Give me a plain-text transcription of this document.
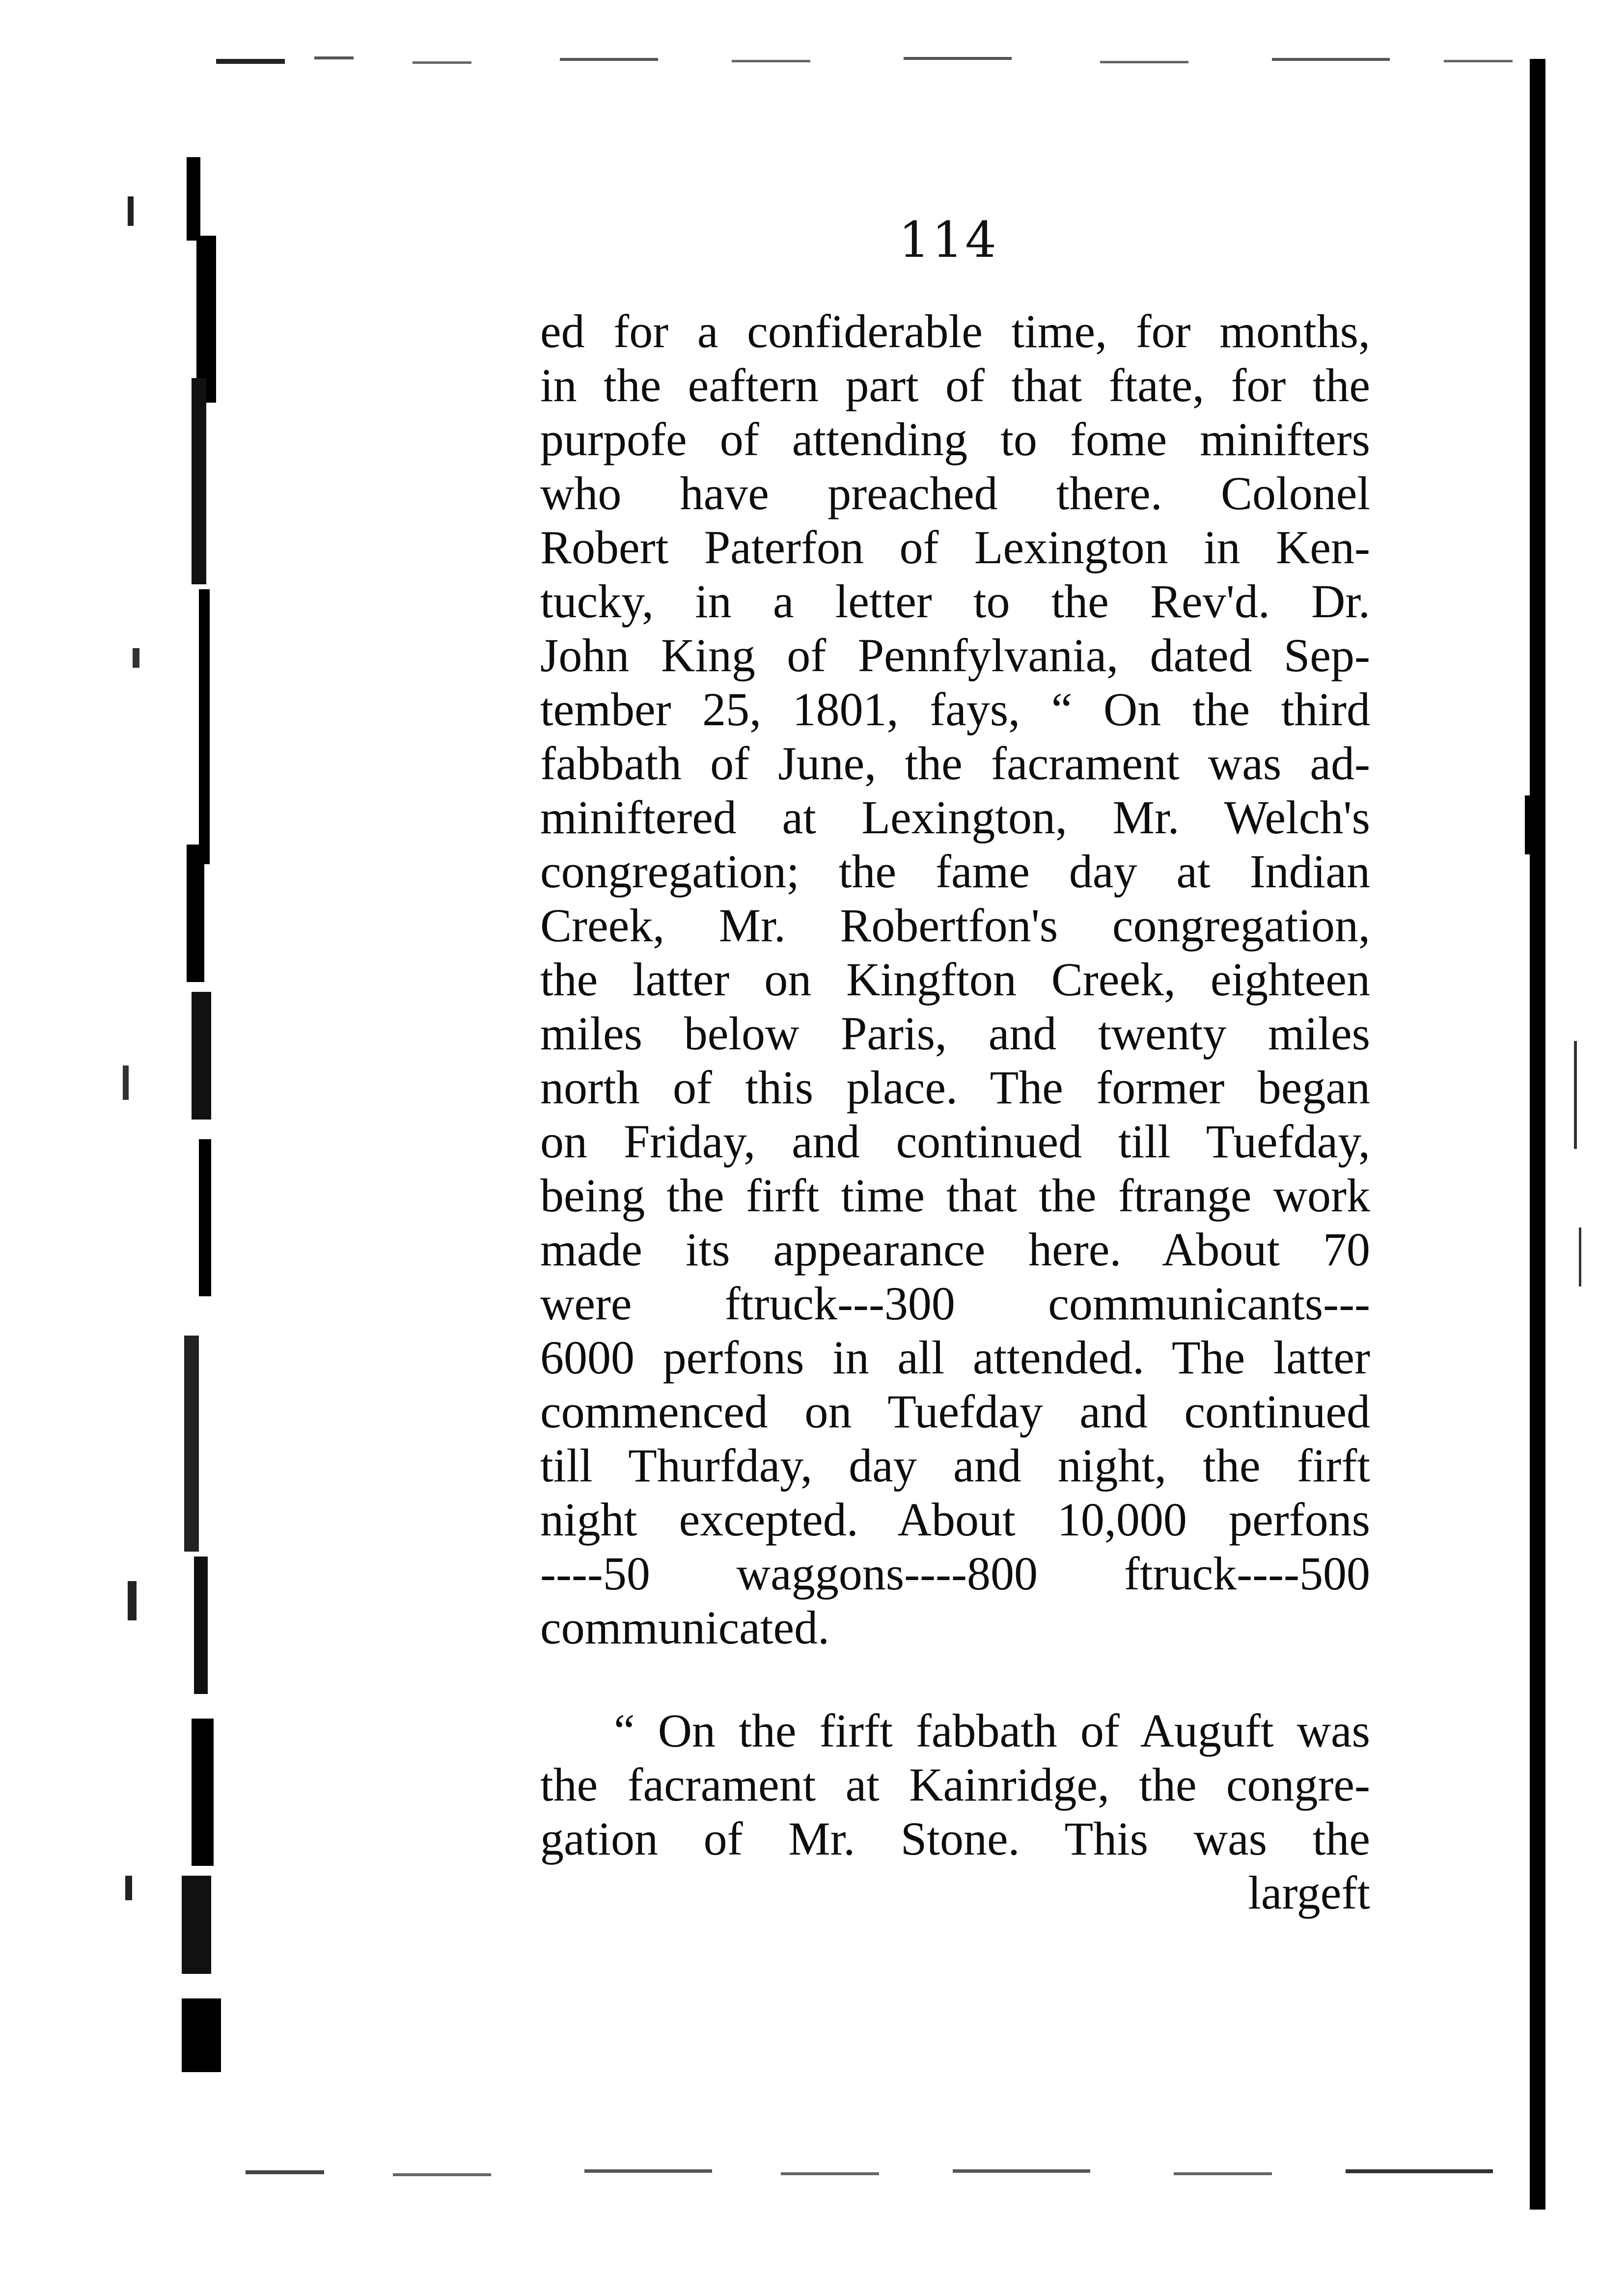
114
ed for a confiderable time, for months,
in the eaftern part of that ftate, for the
purpofe of attending to fome minifters
who have preached there. Colonel
Robert Paterfon of Lexington in Ken-
tucky, in a letter to the Rev'd. Dr.
John King of Pennfylvania, dated Sep-
tember 25, 1801, fays, “ On the third
fabbath of June, the facrament was ad-
miniftered at Lexington, Mr. Welch's
congregation; the fame day at Indian
Creek, Mr. Robertfon's congregation,
the latter on Kingfton Creek, eighteen
miles below Paris, and twenty miles
north of this place. The former began
on Friday, and continued till Tuefday,
being the firft time that the ftrange work
made its appearance here. About 70
were ftruck---300 communicants---
6000 perfons in all attended. The latter
commenced on Tuefday and continued
till Thurfday, day and night, the firft
night excepted. About 10,000 perfons
----50 waggons----800 ftruck----500
communicated.
“ On the firft fabbath of Auguft was
the facrament at Kainridge, the congre-
gation of Mr. Stone. This was the
largeft
